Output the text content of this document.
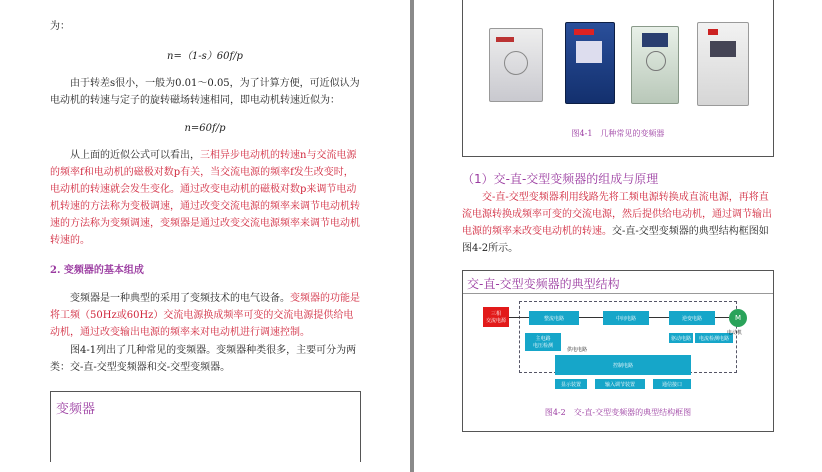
为：
n=（1-s）60f/p
由于转差s很小，一般为0.01～0.05，为了计算方便，可近似认为电动机的转速与定子的旋转磁场转速相同，即电动机转速近似为：
n=60f/p
从上面的近似公式可以看出，三相异步电动机的转速n与交流电源的频率f和电动机的磁极对数p有关，当交流电源的频率f发生改变时，电动机的转速就会发生变化。通过改变电动机的磁极对数p来调节电动机转速的方法称为变极调速，通过改变交流电源的频率来调节电动机转速的方法称为变频调速，变频器是通过改变交流电源频率来调节电动机转速的。
2. 变频器的基本组成
变频器是一种典型的采用了变频技术的电气设备。变频器的功能是将工频（50Hz或60Hz）交流电源换成频率可变的交流电源提供给电动机，通过改变输出电源的频率来对电动机进行调速控制。
图4-1列出了几种常见的变频器。变频器种类很多，主要可分为两类：交-直-交型变频器和交-交型变频器。
变频器
图4-1　几种常见的变频器
（1）交-直-交型变频器的组成与原理
交-直-交型变频器利用线路先将工频电源转换成直流电源，再将直流电源转换成频率可变的交流电源，然后提供给电动机，通过调节输出电源的频率来改变电动机的转速。交-直-交型变频器的典型结构框图如图4-2所示。
交-直-交型变频器的典型结构
三相
交流电源	整流电路	中间电路	逆变电路
主电路
电压检测
供电电路
驱动电路	电流检测电路
控制电路
显示装置	输入调节装置	通信接口
M
电动机
图4-2　交-直-交型变频器的典型结构框图
